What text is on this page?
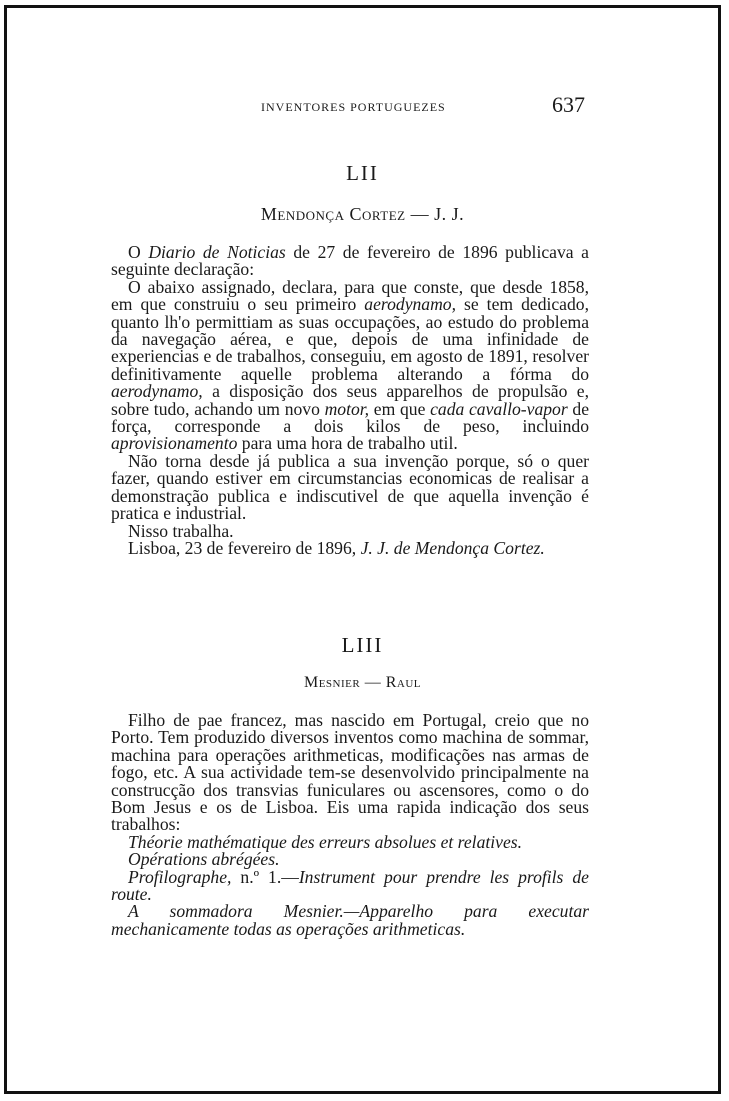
INVENTORES PORTUGUEZES	637
LII
Mendonça Cortez — J. J.

O Diario de Noticias de 27 de fevereiro de 1896 publicava a seguinte declaração:

O abaixo assignado, declara, para que conste, que desde 1858, em que construiu o seu primeiro aerodynamo, se tem dedicado, quanto lh'o permittiam as suas occupações, ao estudo do problema da navegação aérea, e que, depois de uma infinidade de experiencias e de trabalhos, conseguiu, em agosto de 1891, resolver definitivamente aquelle problema alterando a fórma do aerodynamo, a disposição dos seus apparelhos de propulsão e, sobre tudo, achando um novo motor, em que cada cavallo-vapor de força, corresponde a dois kilos de peso, incluindo aprovisionamento para uma hora de trabalho util.

Não torna desde já publica a sua invenção porque, só o quer fazer, quando estiver em circumstancias economicas de realisar a demonstração publica e indiscutivel de que aquella invenção é pratica e industrial.

Nisso trabalha.

Lisboa, 23 de fevereiro de 1896, J. J. de Mendonça Cortez.

LIII
Mesnier — Raul

Filho de pae francez, mas nascido em Portugal, creio que no Porto. Tem produzido diversos inventos como machina de sommar, machina para operações arithmeticas, modificações nas armas de fogo, etc. A sua actividade tem-se desenvolvido principalmente na construcção dos transvias funiculares ou ascensores, como o do Bom Jesus e os de Lisboa. Eis uma rapida indicação dos seus trabalhos:

Théorie mathématique des erreurs absolues et relatives.

Opérations abrégées.

Profilographe, n.º 1.—Instrument pour prendre les profils de route.

A sommadora Mesnier.—Apparelho para executar mechanicamente todas as operações arithmeticas.
